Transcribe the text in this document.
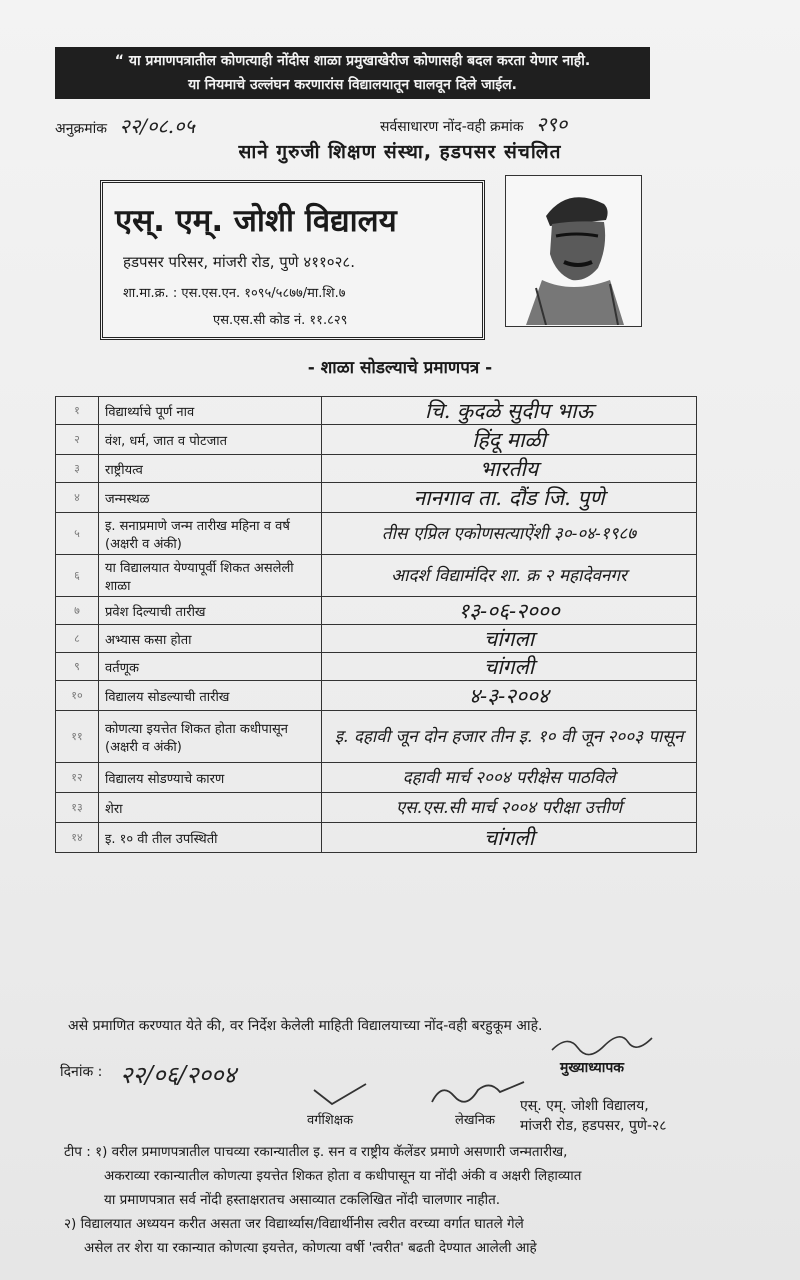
“ या प्रमाणपत्रातील कोणत्याही नोंदीस शाळा प्रमुखाखेरीज कोणासही बदल करता येणार नाही.
या नियमाचे उल्लंघन करणारांस विद्यालयातून घालवून दिले जाईल.
अनुक्रमांक २२/०८.०५	सर्वसाधारण नोंद-वही क्रमांक २९०
साने गुरुजी शिक्षण संस्था, हडपसर संचलित
एस्. एम्. जोशी विद्यालय
हडपसर परिसर, मांजरी रोड, पुणे ४११०२८.
शा.मा.क्र. : एस.एस.एन. १०९५/५८७७/मा.शि.७
एस.एस.सी कोड नं. ११.८२९
- शाळा सोडल्याचे प्रमाणपत्र -
१	विद्यार्थ्याचे पूर्ण नाव	चि. कुदळे सुदीप भाऊ
२	वंश, धर्म, जात व पोटजात	हिंदू माळी
३	राष्ट्रीयत्व	भारतीय
४	जन्मस्थळ	नानगाव ता. दौंड जि. पुणे
५	इ. सनाप्रमाणे जन्म तारीख महिना व वर्ष (अक्षरी व अंकी)	तीस एप्रिल एकोणसत्याऐंशी ३०-०४-१९८७
६	या विद्यालयात येण्यापूर्वी शिकत असलेली शाळा	आदर्श विद्यामंदिर शा. क्र २ महादेवनगर
७	प्रवेश दिल्याची तारीख	१३-०६-२०००
८	अभ्यास कसा होता	चांगला
९	वर्तणूक	चांगली
१०	विद्यालय सोडल्याची तारीख	४-३-२००४
११	कोणत्या इयत्तेत शिकत होता कधीपासून (अक्षरी व अंकी)	इ. दहावी जून दोन हजार तीन इ. १० वी जून २००३ पासून
१२	विद्यालय सोडण्याचे कारण	दहावी मार्च २००४ परीक्षेस पाठविले
१३	शेरा	एस.एस.सी मार्च २००४ परीक्षा उत्तीर्ण
१४	इ. १० वी तील उपस्थिती	चांगली
असे प्रमाणित करण्यात येते की, वर निर्देश केलेली माहिती विद्यालयाच्या नोंद-वही बरहुकूम आहे.
दिनांक : २२/०६/२००४	मुख्याध्यापक
वर्गशिक्षक	लेखनिक
एस्. एम्. जोशी विद्यालय,
मांजरी रोड, हडपसर, पुणे-२८

टीप : १) वरील प्रमाणपत्रातील पाचव्या रकान्यातील इ. सन व राष्ट्रीय कॅलेंडर प्रमाणे असणारी जन्मतारीख,

अकराव्या रकान्यातील कोणत्या इयत्तेत शिकत होता व कधीपासून या नोंदी अंकी व अक्षरी लिहाव्यात

या प्रमाणपत्रात सर्व नोंदी हस्ताक्षरातच असाव्यात टकलिखित नोंदी चालणार नाहीत.

२) विद्यालयात अध्ययन करीत असता जर विद्यार्थ्यास/विद्यार्थीनीस त्वरीत वरच्या वर्गात घातले गेले

असेल तर शेरा या रकान्यात कोणत्या इयत्तेत, कोणत्या वर्षी 'त्वरीत' बढती देण्यात आलेली आहे
